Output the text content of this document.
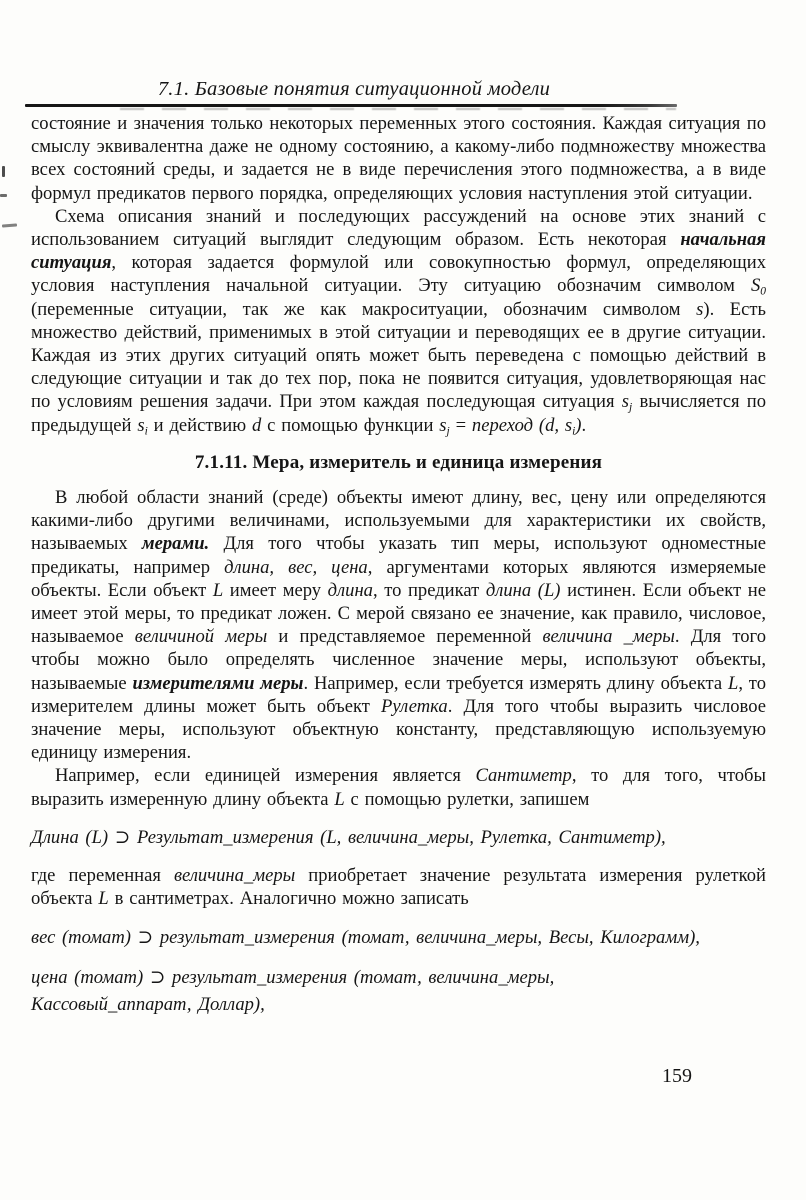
7.1. Базовые понятия ситуационной модели

состояние и значения только некоторых переменных этого состояния. Каждая ситуация по смыслу эквивалентна даже не одному состоянию, а какому-либо подмножеству множества всех состояний среды, и задается не в виде перечисления этого подмножества, а в виде формул предикатов первого порядка, определяющих условия наступления этой ситуации.

Схема описания знаний и последующих рассуждений на основе этих знаний с использованием ситуаций выглядит следующим образом. Есть некоторая начальная ситуация, которая задается формулой или совокупностью формул, определяющих условия наступления начальной ситуации. Эту ситуацию обозначим символом S0 (переменные ситуации, так же как макроситуации, обозначим символом s). Есть множество действий, применимых в этой ситуации и переводящих ее в другие ситуации. Каждая из этих других ситуаций опять может быть переведена с помощью действий в следующие ситуации и так до тех пор, пока не появится ситуация, удовлетворяющая нас по условиям решения задачи. При этом каждая последующая ситуация sj вычисляется по предыдущей si и действию d с помощью функции sj = переход (d, si).

7.1.11. Мера, измеритель и единица измерения

В любой области знаний (среде) объекты имеют длину, вес, цену или определяются какими-либо другими величинами, используемыми для характеристики их свойств, называемых мерами. Для того чтобы указать тип меры, используют одноместные предикаты, например длина, вес, цена, аргументами которых являются измеряемые объекты. Если объект L имеет меру длина, то предикат длина (L) истинен. Если объект не имеет этой меры, то предикат ложен. С мерой связано ее значение, как правило, числовое, называемое величиной меры и представляемое переменной величина _меры. Для того чтобы можно было определять численное значение меры, используют объекты, называемые измерителями меры. Например, если требуется измерять длину объекта L, то измерителем длины может быть объект Рулетка. Для того чтобы выразить числовое значение меры, используют объектную константу, представляющую используемую единицу измерения.

Например, если единицей измерения является Сантиметр, то для того, чтобы выразить измеренную длину объекта L с помощью рулетки, запишем

Длина (L) ⊃ Результат_измерения (L, величина_меры, Рулетка, Сантиметр),

где переменная величина_меры приобретает значение результата измерения рулеткой объекта L в сантиметрах. Аналогично можно записать

вес (томат) ⊃ результат_измерения (томат, величина_меры, Весы, Килограмм),
цена (томат) ⊃ результат_измерения (томат, величина_меры,
Кассовый_аппарат, Доллар),
159
